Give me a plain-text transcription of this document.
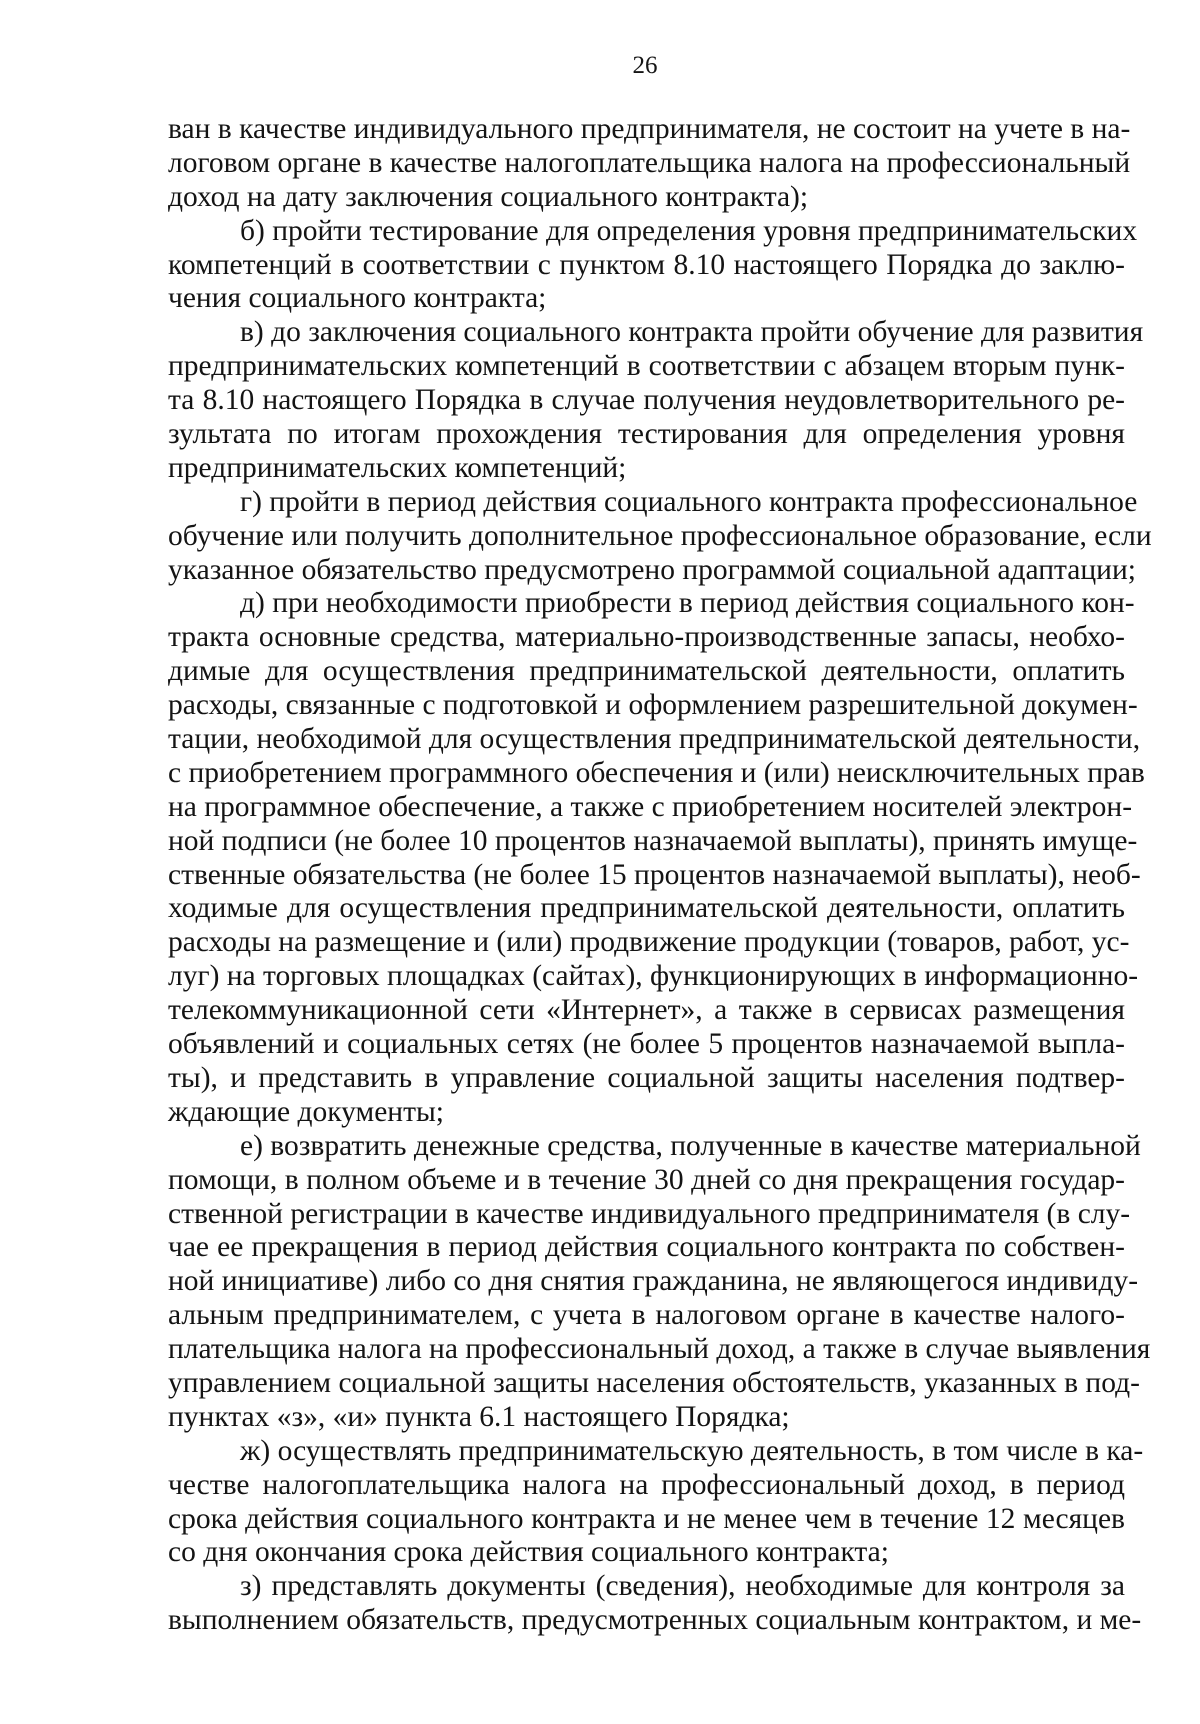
26

ван в качестве индивидуального предпринимателя, не состоит на учете в на-
логовом органе в качестве налогоплательщика налога на профессиональный
доход на дату заключения социального контракта);
б) пройти тестирование для определения уровня предпринимательских
компетенций в соответствии с пунктом 8.10 настоящего Порядка до заклю-
чения социального контракта;
в) до заключения социального контракта пройти обучение для развития
предпринимательских компетенций в соответствии с абзацем вторым пунк-
та 8.10 настоящего Порядка в случае получения неудовлетворительного ре-
зультата по итогам прохождения тестирования для определения уровня
предпринимательских компетенций;
г) пройти в период действия социального контракта профессиональное
обучение или получить дополнительное профессиональное образование, если
указанное обязательство предусмотрено программой социальной адаптации;
д) при необходимости приобрести в период действия социального кон-
тракта основные средства, материально-производственные запасы, необхо-
димые для осуществления предпринимательской деятельности, оплатить
расходы, связанные с подготовкой и оформлением разрешительной докумен-
тации, необходимой для осуществления предпринимательской деятельности,
с приобретением программного обеспечения и (или) неисключительных прав
на программное обеспечение, а также с приобретением носителей электрон-
ной подписи (не более 10 процентов назначаемой выплаты), принять имуще-
ственные обязательства (не более 15 процентов назначаемой выплаты), необ-
ходимые для осуществления предпринимательской деятельности, оплатить
расходы на размещение и (или) продвижение продукции (товаров, работ, ус-
луг) на торговых площадках (сайтах), функционирующих в информационно-
телекоммуникационной сети «Интернет», а также в сервисах размещения
объявлений и социальных сетях (не более 5 процентов назначаемой выпла-
ты), и представить в управление социальной защиты населения подтвер-
ждающие документы;
е) возвратить денежные средства, полученные в качестве материальной
помощи, в полном объеме и в течение 30 дней со дня прекращения государ-
ственной регистрации в качестве индивидуального предпринимателя (в слу-
чае ее прекращения в период действия социального контракта по собствен-
ной инициативе) либо со дня снятия гражданина, не являющегося индивиду-
альным предпринимателем, с учета в налоговом органе в качестве налого-
плательщика налога на профессиональный доход, а также в случае выявления
управлением социальной защиты населения обстоятельств, указанных в под-
пунктах «з», «и» пункта 6.1 настоящего Порядка;
ж) осуществлять предпринимательскую деятельность, в том числе в ка-
честве налогоплательщика налога на профессиональный доход, в период
срока действия социального контракта и не менее чем в течение 12 месяцев
со дня окончания срока действия социального контракта;
з) представлять документы (сведения), необходимые для контроля за
выполнением обязательств, предусмотренных социальным контрактом, и ме-
